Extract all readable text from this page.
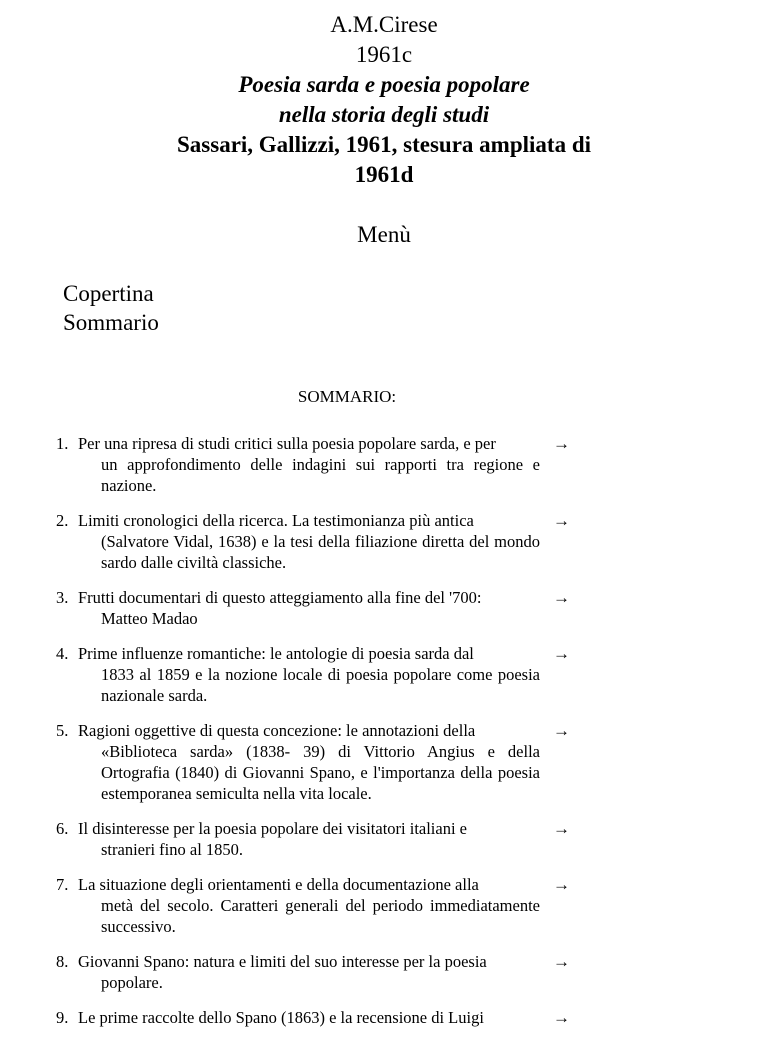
A.M.Cirese

1961c

Poesia sarda e poesia popolare

nella storia degli studi

Sassari, Gallizzi, 1961, stesura ampliata di

1961d

Menù
Copertina
Sommario
SOMMARIO:
1. Per una ripresa di studi critici sulla poesia popolare sarda, e per
un approfondimento delle indagini sui rapporti tra regione e nazione.
→
2. Limiti cronologici della ricerca. La testimonianza più antica
(Salvatore Vidal, 1638) e la tesi della filiazione diretta del mondo sardo dalle civiltà classiche.
→
3. Frutti documentari di questo atteggiamento alla fine del '700:
Matteo Madao
→
4. Prime influenze romantiche: le antologie di poesia sarda dal
1833 al 1859 e la nozione locale di poesia popolare come poesia nazionale sarda.
→
5. Ragioni oggettive di questa concezione: le annotazioni della
«Biblioteca sarda» (1838- 39) di Vittorio Angius e della Ortografia (1840) di Giovanni Spano, e l'importanza della poesia estemporanea semiculta nella vita locale.
→
6. Il disinteresse per la poesia popolare dei visitatori italiani e
stranieri fino al 1850.
→
7. La situazione degli orientamenti e della documentazione alla
metà del secolo. Caratteri generali del periodo immediatamente successivo.
→
8. Giovanni Spano: natura e limiti del suo interesse per la poesia
popolare.
→
9. Le prime raccolte dello Spano (1863) e la recensione di Luigi	→
